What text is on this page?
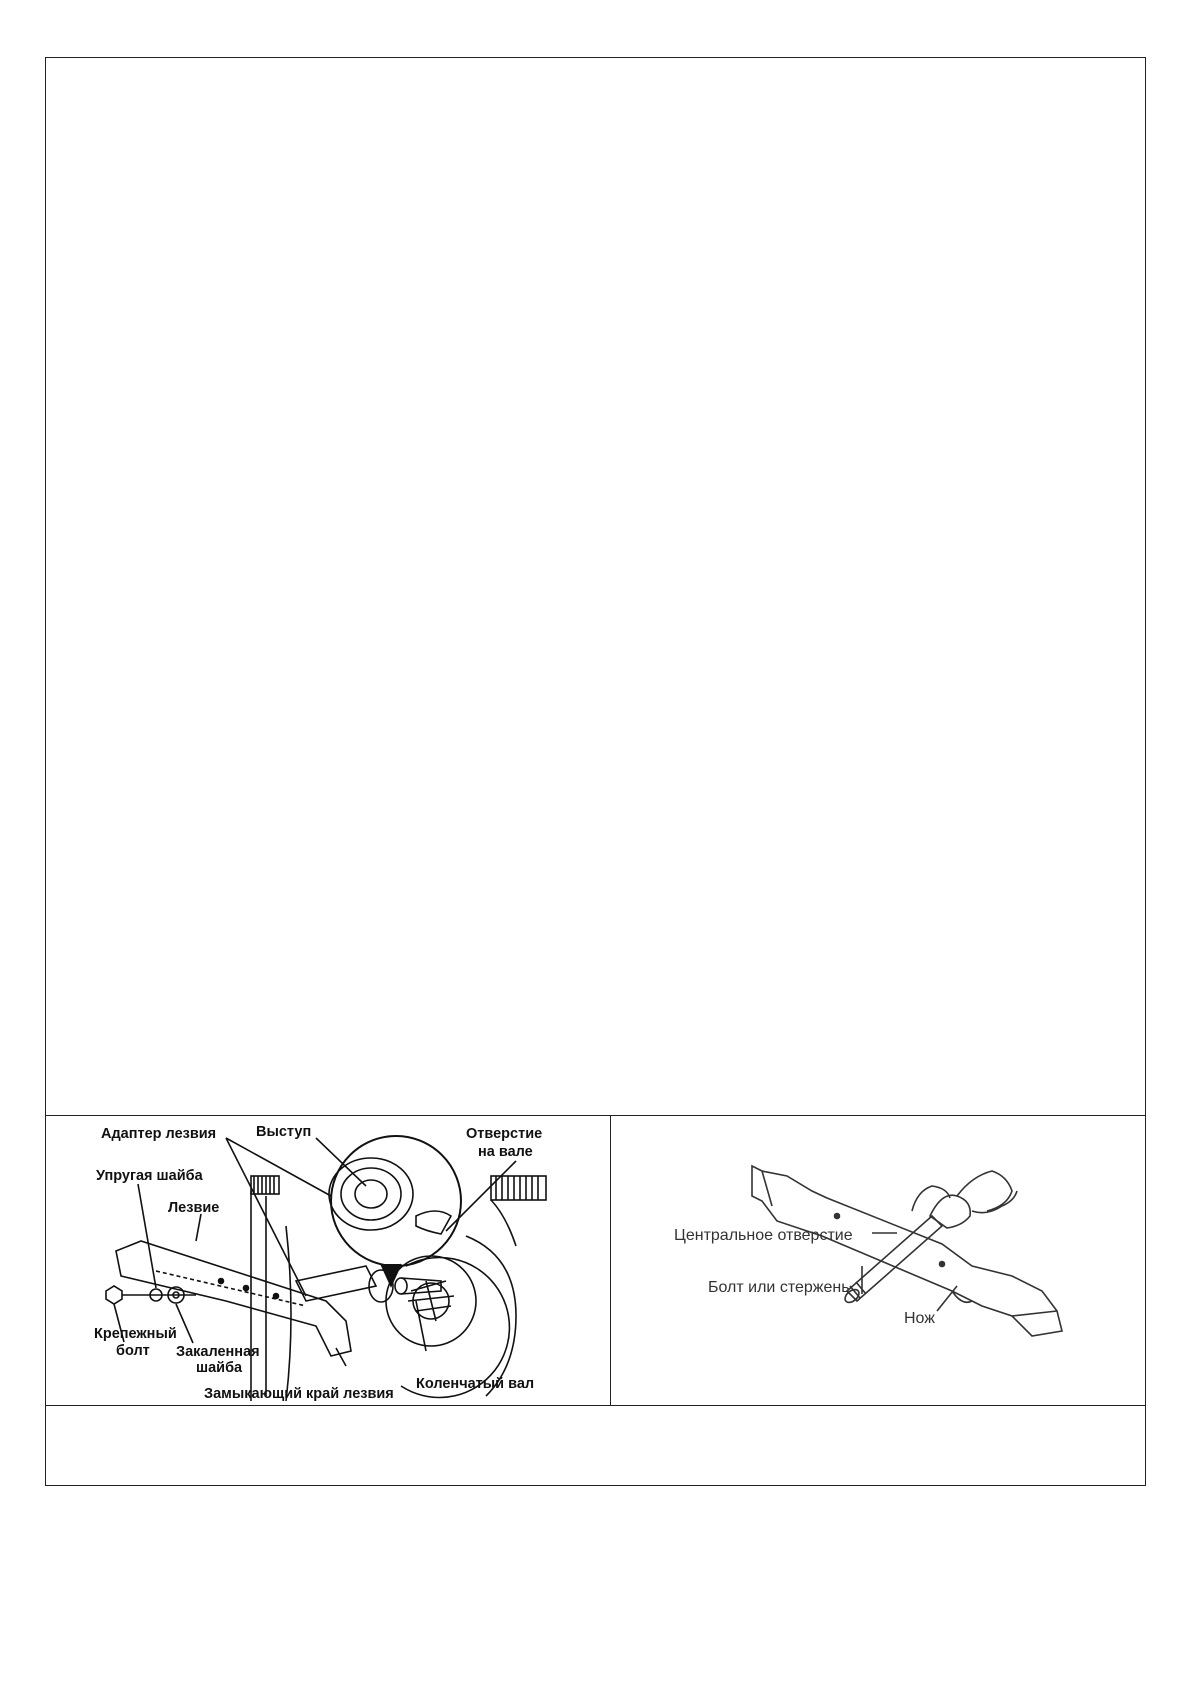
Адаптер лезвия	Выступ	Отверстие
на вале
Упругая шайба
Лезвие
Крепежный
болт Закаленная
шайба
Замыкающий край лезвия
Коленчатый вал
Центральное отверстие
Болт или стержень
Нож
